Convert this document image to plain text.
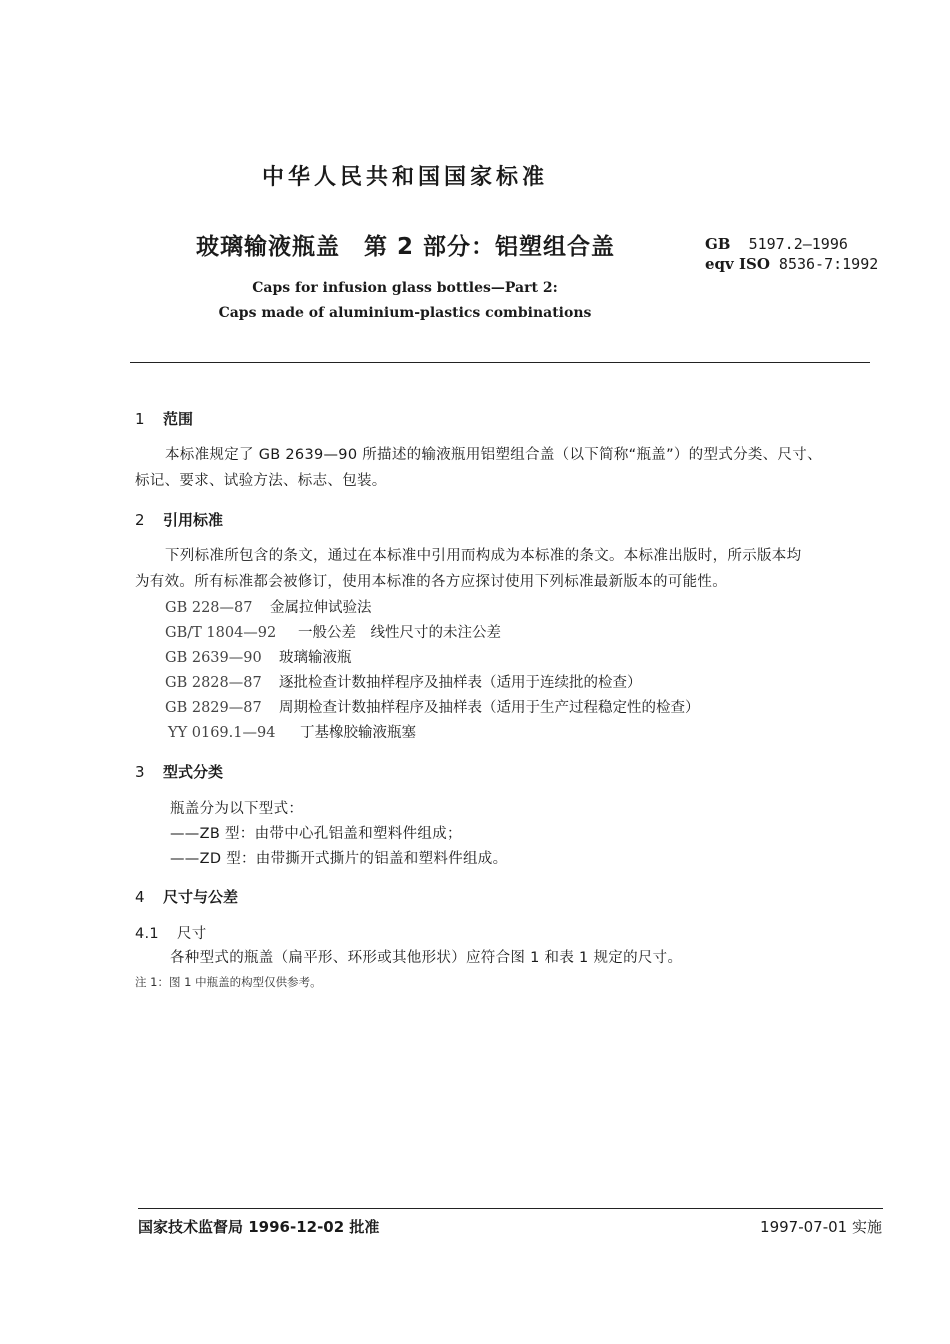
中华人民共和国国家标准
玻璃输液瓶盖　第 2 部分：铝塑组合盖	GB 5197.2—1996
eqv ISO 8536-7:1992
Caps for infusion glass bottles—Part 2:
Caps made of aluminium-plastics combinations
1 范围
本标准规定了 GB 2639—90 所描述的输液瓶用铝塑组合盖（以下简称“瓶盖”）的型式分类、尺寸、
标记、要求、试验方法、标志、包装。
2 引用标准
下列标准所包含的条文，通过在本标准中引用而构成为本标准的条文。本标准出版时，所示版本均
为有效。所有标准都会被修订，使用本标准的各方应探讨使用下列标准最新版本的可能性。
GB 228—87 金属拉伸试验法
GB/T 1804—92 一般公差　线性尺寸的未注公差
GB 2639—90 玻璃输液瓶
GB 2828—87 逐批检查计数抽样程序及抽样表（适用于连续批的检查）
GB 2829—87 周期检查计数抽样程序及抽样表（适用于生产过程稳定性的检查）
YY 0169.1—94 丁基橡胶输液瓶塞
3 型式分类
瓶盖分为以下型式：
——ZB 型：由带中心孔铝盖和塑料件组成；
——ZD 型：由带撕开式撕片的铝盖和塑料件组成。
4 尺寸与公差
4.1 尺寸
各种型式的瓶盖（扁平形、环形或其他形状）应符合图 1 和表 1 规定的尺寸。
注 1：图 1 中瓶盖的构型仅供参考。
国家技术监督局 1996-12-02 批准	1997-07-01 实施
